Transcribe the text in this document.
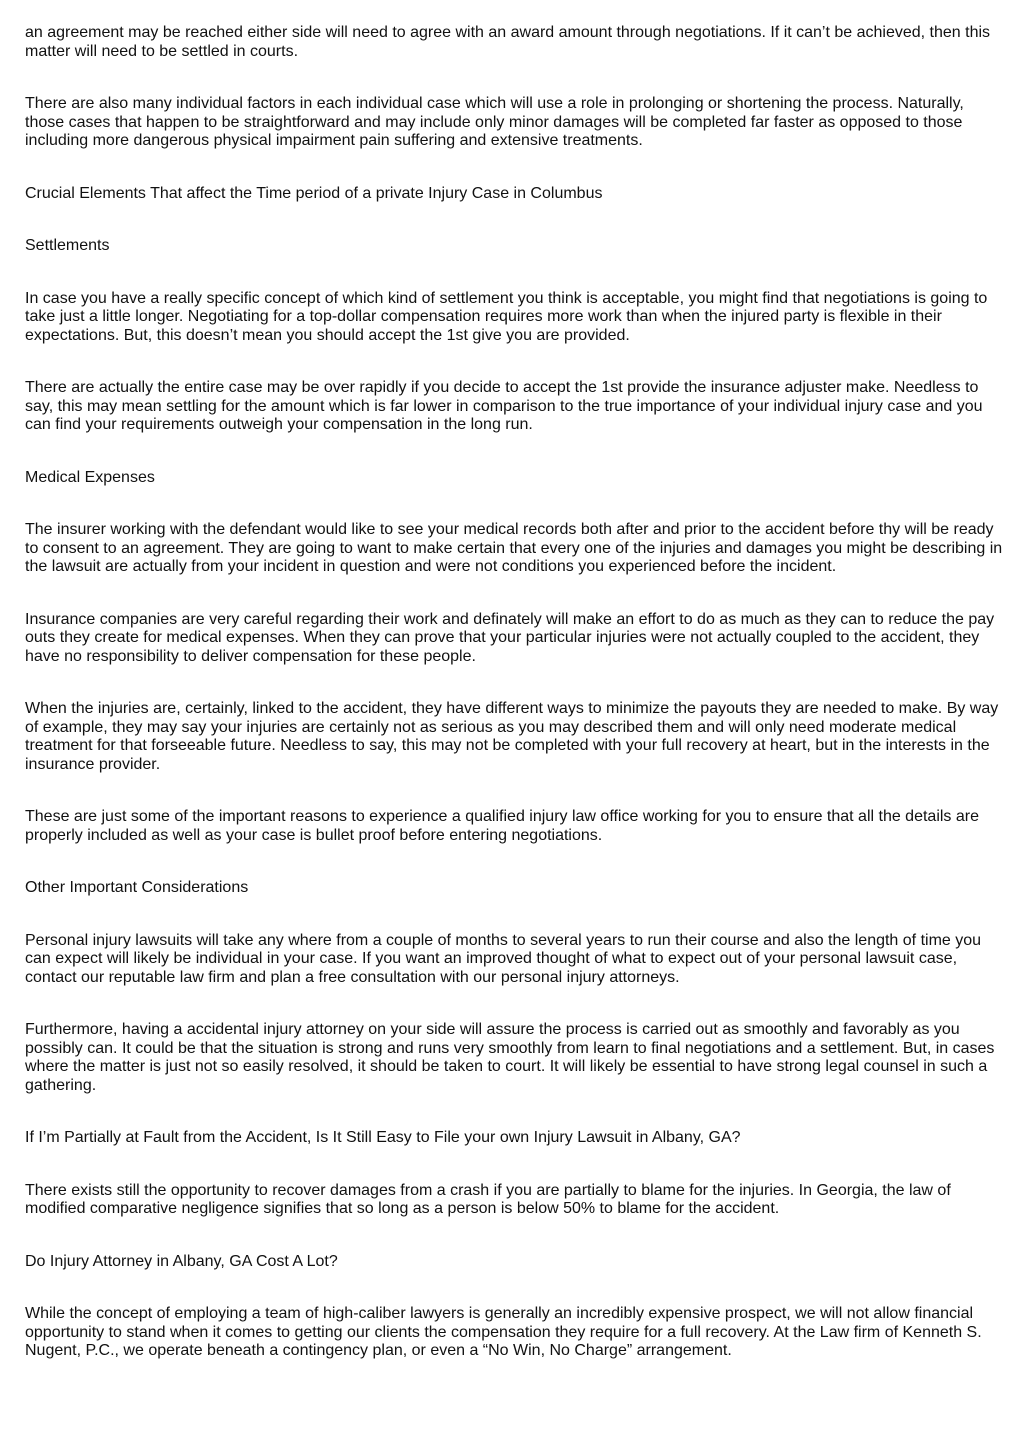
an agreement may be reached either side will need to agree with an award amount through negotiations. If it can’t be achieved, then this matter will need to be settled in courts.

There are also many individual factors in each individual case which will use a role in prolonging or shortening the process. Naturally, those cases that happen to be straightforward and may include only minor damages will be completed far faster as opposed to those including more dangerous physical impairment pain suffering and extensive treatments.

Crucial Elements That affect the Time period of a private Injury Case in Columbus

Settlements

In case you have a really specific concept of which kind of settlement you think is acceptable, you might find that negotiations is going to take just a little longer. Negotiating for a top-dollar compensation requires more work than when the injured party is flexible in their expectations. But, this doesn’t mean you should accept the 1st give you are provided.

There are actually the entire case may be over rapidly if you decide to accept the 1st provide the insurance adjuster make. Needless to say, this may mean settling for the amount which is far lower in comparison to the true importance of your individual injury case and you can find your requirements outweigh your compensation in the long run.

Medical Expenses

The insurer working with the defendant would like to see your medical records both after and prior to the accident before thy will be ready to consent to an agreement. They are going to want to make certain that every one of the injuries and damages you might be describing in the lawsuit are actually from your incident in question and were not conditions you experienced before the incident.

Insurance companies are very careful regarding their work and definately will make an effort to do as much as they can to reduce the pay outs they create for medical expenses. When they can prove that your particular injuries were not actually coupled to the accident, they have no responsibility to deliver compensation for these people.

When the injuries are, certainly, linked to the accident, they have different ways to minimize the payouts they are needed to make. By way of example, they may say your injuries are certainly not as serious as you may described them and will only need moderate medical treatment for that forseeable future. Needless to say, this may not be completed with your full recovery at heart, but in the interests in the insurance provider.

These are just some of the important reasons to experience a qualified injury law office working for you to ensure that all the details are properly included as well as your case is bullet proof before entering negotiations.

Other Important Considerations

Personal injury lawsuits will take any where from a couple of months to several years to run their course and also the length of time you can expect will likely be individual in your case. If you want an improved thought of what to expect out of your personal lawsuit case, contact our reputable law firm and plan a free consultation with our personal injury attorneys.

Furthermore, having a accidental injury attorney on your side will assure the process is carried out as smoothly and favorably as you possibly can. It could be that the situation is strong and runs very smoothly from learn to final negotiations and a settlement. But, in cases where the matter is just not so easily resolved, it should be taken to court. It will likely be essential to have strong legal counsel in such a gathering.

If I’m Partially at Fault from the Accident, Is It Still Easy to File your own Injury Lawsuit in Albany, GA?

There exists still the opportunity to recover damages from a crash if you are partially to blame for the injuries. In Georgia, the law of modified comparative negligence signifies that so long as a person is below 50% to blame for the accident.

Do Injury Attorney in Albany, GA Cost A Lot?

While the concept of employing a team of high-caliber lawyers is generally an incredibly expensive prospect, we will not allow financial opportunity to stand when it comes to getting our clients the compensation they require for a full recovery. At the Law firm of Kenneth S. Nugent, P.C., we operate beneath a contingency plan, or even a “No Win, No Charge” arrangement.
